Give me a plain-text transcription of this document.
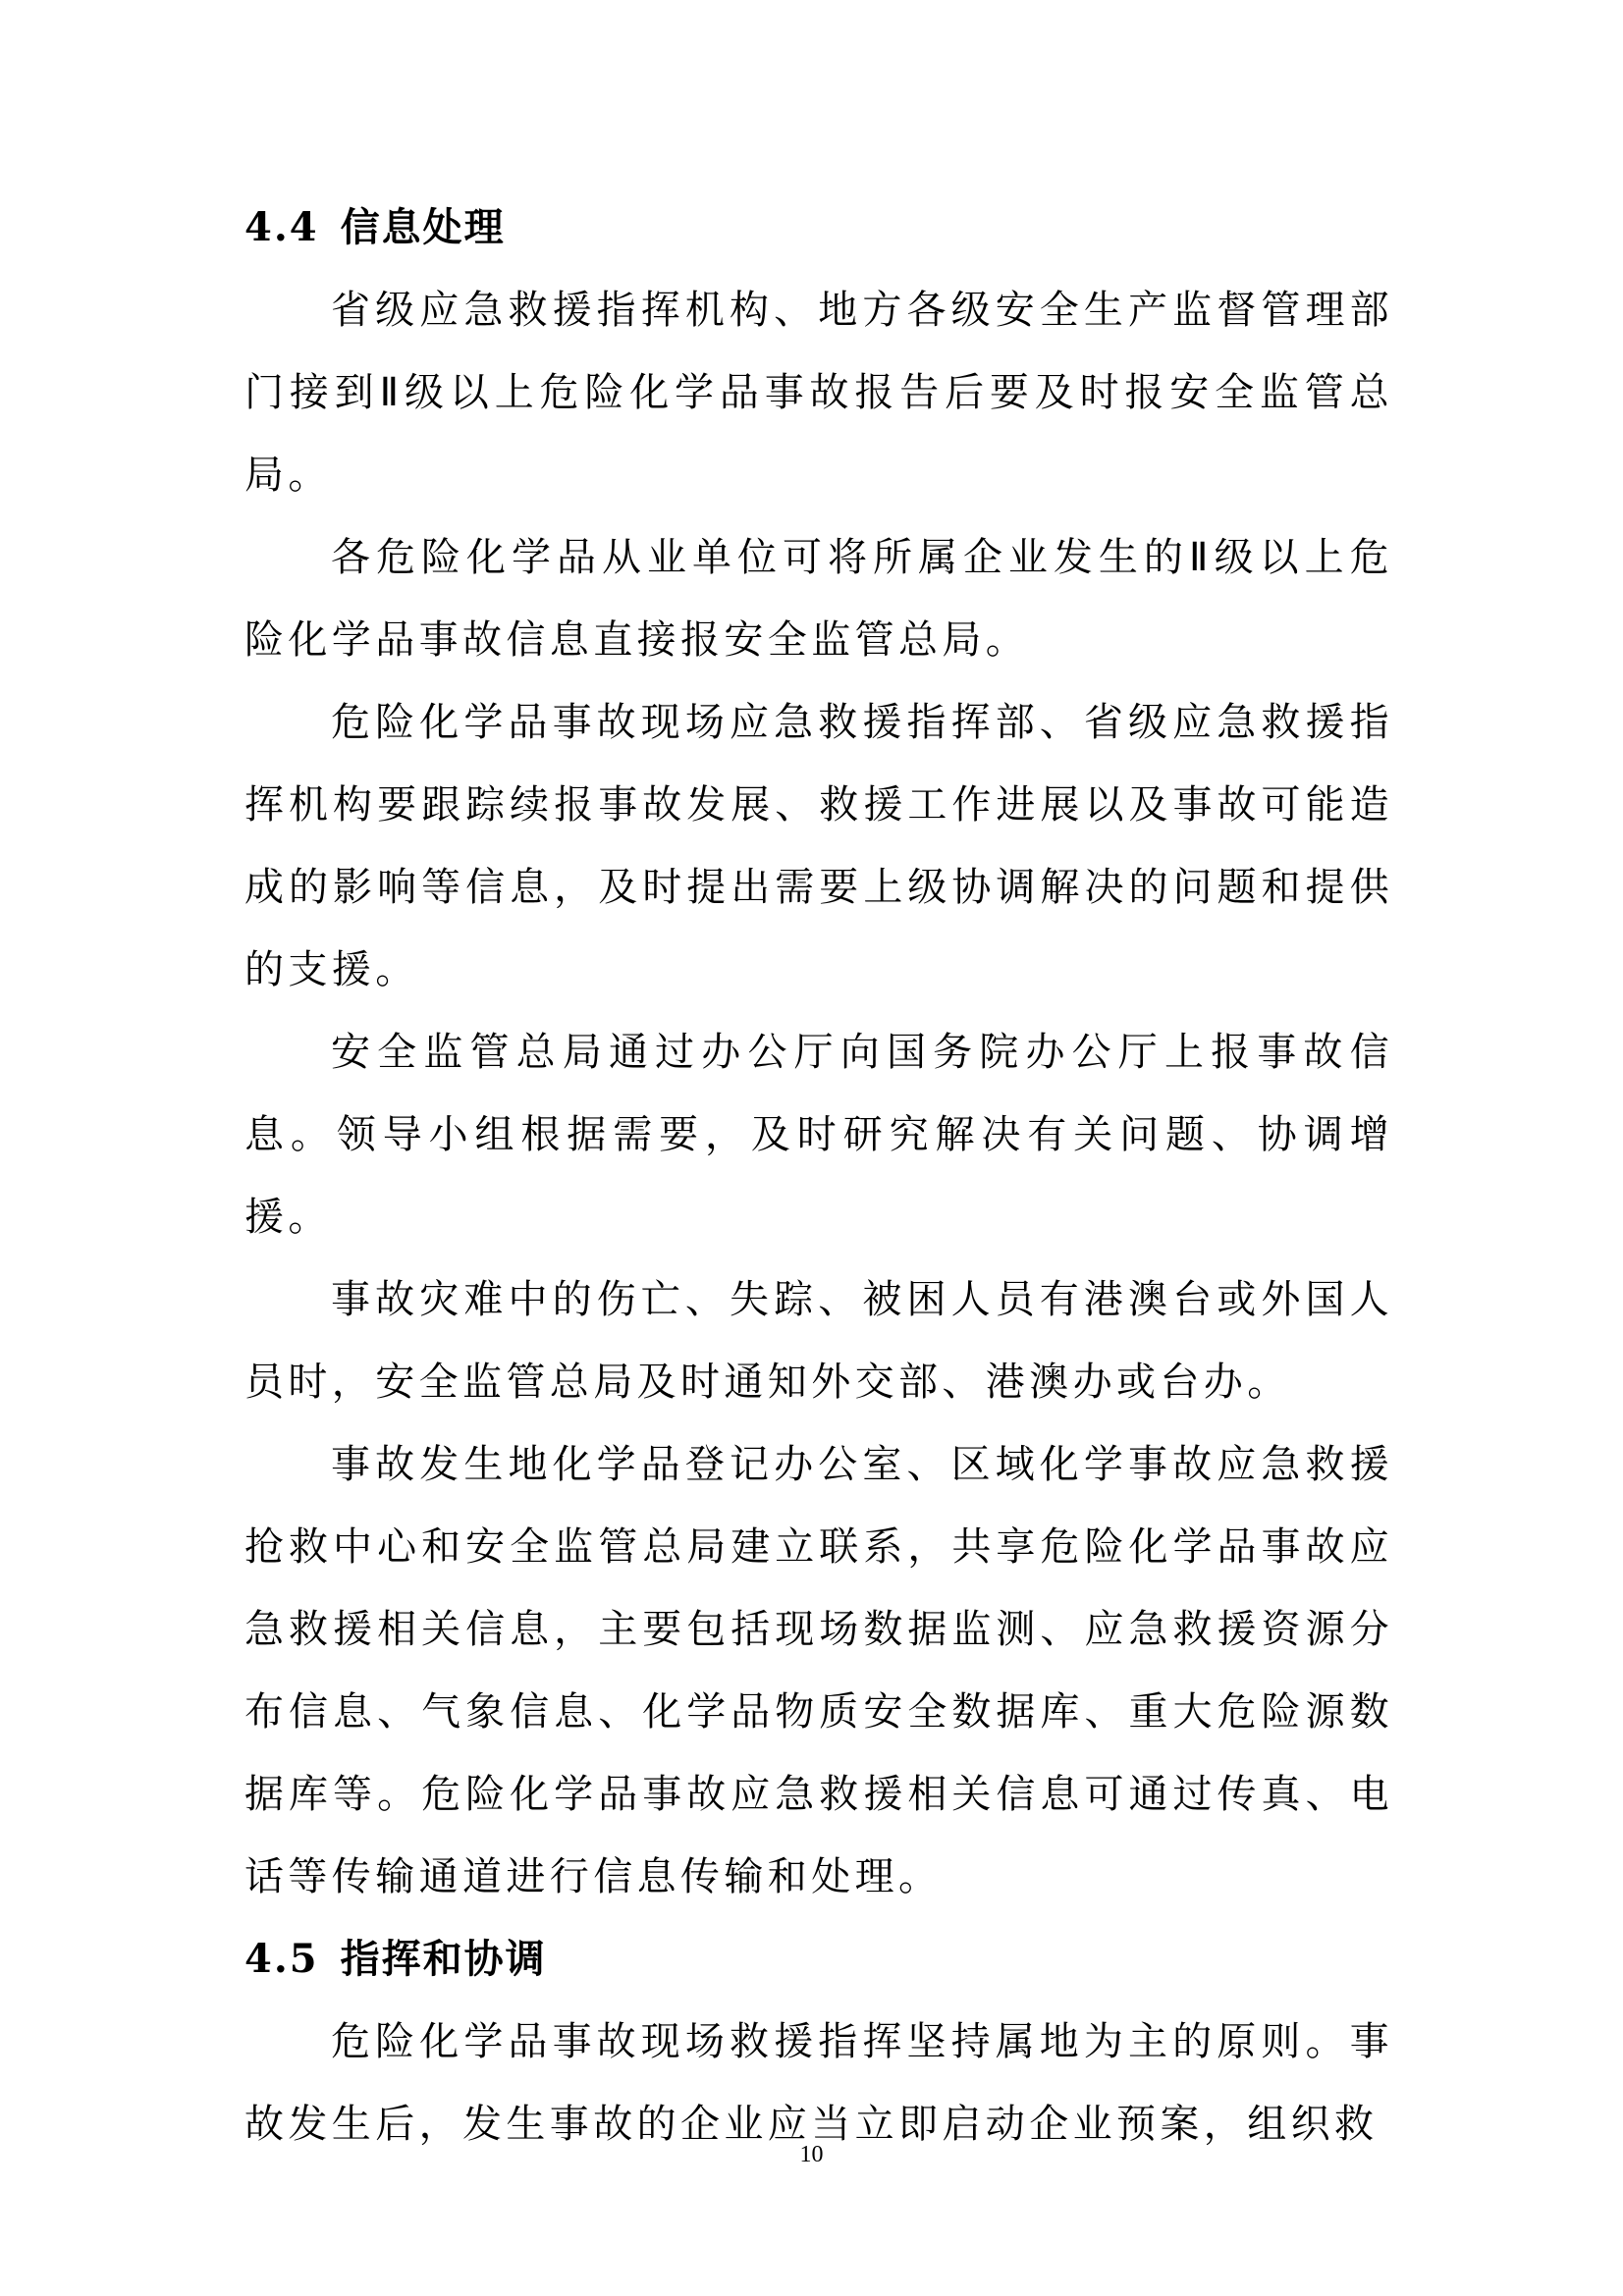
4.4 信息处理

省级应急救援指挥机构、地方各级安全生产监督管理部门接到Ⅱ级以上危险化学品事故报告后要及时报安全监管总局。

各危险化学品从业单位可将所属企业发生的Ⅱ级以上危险化学品事故信息直接报安全监管总局。

危险化学品事故现场应急救援指挥部、省级应急救援指挥机构要跟踪续报事故发展、救援工作进展以及事故可能造成的影响等信息，及时提出需要上级协调解决的问题和提供的支援。

安全监管总局通过办公厅向国务院办公厅上报事故信息。领导小组根据需要，及时研究解决有关问题、协调增援。

事故灾难中的伤亡、失踪、被困人员有港澳台或外国人员时，安全监管总局及时通知外交部、港澳办或台办。

事故发生地化学品登记办公室、区域化学事故应急救援抢救中心和安全监管总局建立联系，共享危险化学品事故应急救援相关信息，主要包括现场数据监测、应急救援资源分布信息、气象信息、化学品物质安全数据库、重大危险源数据库等。危险化学品事故应急救援相关信息可通过传真、电话等传输通道进行信息传输和处理。

4.5 指挥和协调

危险化学品事故现场救援指挥坚持属地为主的原则。事故发生后，发生事故的企业应当立即启动企业预案，组织救

10
